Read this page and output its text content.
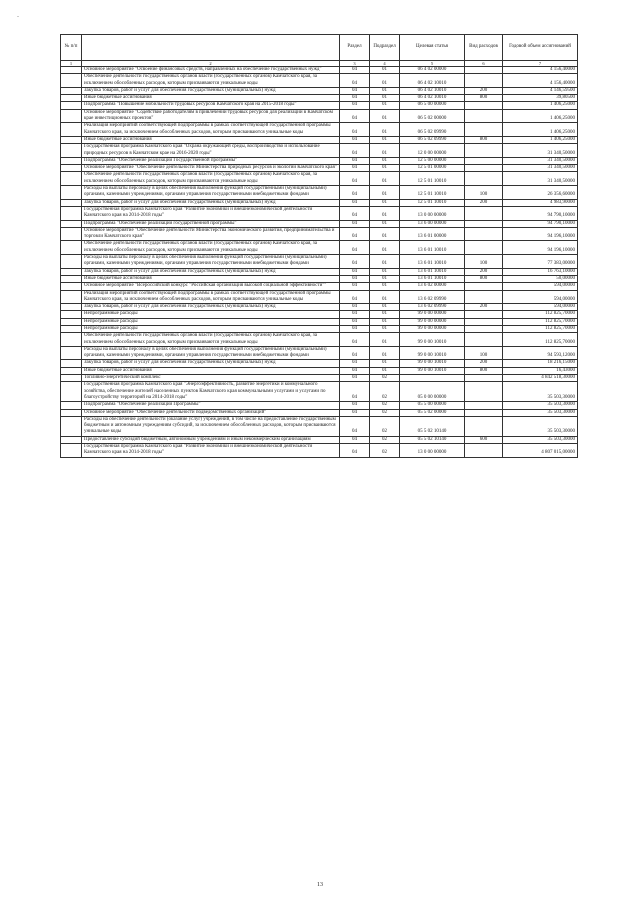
-
№ п/п		Раздел	Подраздел	Целевая статья	Вид расходов	Годовой объем ассигнований
1	2	3	4	5	6	7
	Основное мероприятие "Освоение финансовых средств, направленных на обеспечение государственных нужд"	04	01	06 4 02 00000		4 156,40000
	Обеспечение деятельности государственных органов власти (государственных органов) Камчатского края, за исключением обособленных расходов, которым присваиваются уникальные коды	04	01	06 4 02 10010		4 156,40000
	Закупка товаров, работ и услуг для обеспечения государственных (муниципальных) нужд	04	01	06 4 02 10010	200	4 146,59500
	Иные бюджетные ассигнования	04	01	06 4 02 10010	800	39,80500
	Подпрограмма "Повышение мобильности трудовых ресурсов Камчатского края на 2015-2018 годы"	04	01	06 5 00 00000		1 406,25000
	Основное мероприятие "Содействие работодателям в привлечении трудовых ресурсов для реализации в Камчатском крае инвестиционных проектов"	04	01	06 5 02 00000		1 406,25000
	Реализация мероприятий соответствующей подпрограммы в рамках соответствующей государственной программы Камчатского края, за исключением обособленных расходов, которым присваиваются уникальные коды	04	01	06 5 02 09990		1 406,25000
	Иные бюджетные ассигнования	04	01	06 5 02 09990	800	1 406,25000
	Государственная программа Камчатского края "Охрана окружающей среды, воспроизводство и использование природных ресурсов в Камчатском крае на 2016-2020 годы"	04	01	12 0 00 00000		31 340,50000
	Подпрограмма "Обеспечение реализации Государственной программы"	04	01	12 5 00 00000		31 340,50000
	Основное мероприятие "Обеспечение деятельности Министерства природных ресурсов и экологии Камчатского края"	04	01	12 5 01 00000		31 340,50000
	Обеспечение деятельности государственных органов власти (государственных органов) Камчатского края, за исключением обособленных расходов, которым присваиваются уникальные коды	04	01	12 5 01 10010		31 340,50000
	Расходы на выплаты персоналу в целях обеспечения выполнения функций государственными (муниципальными) органами, казенными учреждениями, органами управления государственными внебюджетными фондами	04	01	12 5 01 10010	100	26 356,60000
	Закупка товаров, работ и услуг для обеспечения государственных (муниципальных) нужд	04	01	12 5 01 10010	200	4 983,90000
	Государственная программа Камчатского края "Развитие экономики и внешнеэкономической деятельности Камчатского края на 2014-2018 годы"	04	01	13 0 00 00000		94 790,10000
	Подпрограмма "Обеспечение реализации государственной программы"	04	01	13 6 00 00000		94 790,10000
	Основное мероприятие "Обеспечение деятельности Министерства экономического развития, предпринимательства и торговли Камчатского края"	04	01	13 6 01 00000		94 196,10000
	Обеспечение деятельности государственных органов власти (государственных органов) Камчатского края, за исключением обособленных расходов, которым присваиваются уникальные коды	04	01	13 6 01 10010		94 196,10000
	Расходы на выплаты персоналу в целях обеспечения выполнения функций государственными (муниципальными) органами, казенными учреждениями, органами управления государственными внебюджетными фондами	04	01	13 6 01 10010	100	77 383,00000
	Закупка товаров, работ и услуг для обеспечения государственных (муниципальных) нужд	04	01	13 6 01 10010	200	16 763,10000
	Иные бюджетные ассигнования	04	01	13 6 01 10010	800	50,00000
	Основное мероприятие "Всероссийский конкурс "Российская организация высокой социальной эффективности""	04	01	13 6 02 00000		594,00000
	Реализация мероприятий соответствующей подпрограммы в рамках соответствующей государственной программы Камчатского края, за исключением обособленных расходов, которым присваиваются уникальные коды	04	01	13 6 02 09990		594,00000
	Закупка товаров, работ и услуг для обеспечения государственных (муниципальных) нужд	04	01	13 6 02 09990	200	594,00000
	Непрограммные расходы	04	01	99 0 00 00000		112 825,70000
	Непрограммные расходы	04	01	99 0 00 00000		112 825,70000
	Непрограммные расходы	04	01	99 0 00 00000		112 825,70000
	Обеспечение деятельности государственных органов власти (государственных органов) Камчатского края, за исключением обособленных расходов, которым присваиваются уникальные коды	04	01	99 0 00 10010		112 825,70000
	Расходы на выплаты персоналу в целях обеспечения выполнения функций государственными (муниципальными) органами, казенными учреждениями, органами управления государственными внебюджетными фондами	04	01	99 0 00 10010	100	94 593,12000
	Закупка товаров, работ и услуг для обеспечения государственных (муниципальных) нужд	04	01	99 0 00 10010	200	18 216,15000
	Иные бюджетные ассигнования	04	01	99 0 00 10010	800	16,43000
	Топливно-энергетический комплекс	04	02			4 842 518,30000
	Государственная программа Камчатского края "Энергоэффективность, развитие энергетики и коммунального хозяйства, обеспечение жителей населенных пунктов Камчатского края коммунальными услугами и услугами по благоустройству территорий на 2014-2018 годы"	04	02	05 0 00 00000		35 503,30000
	Подпрограмма "Обеспечение реализации Программы"	04	02	05 5 00 00000		35 503,30000
	Основное мероприятие "Обеспечение деятельности подведомственных организаций"	04	02	05 5 02 00000		35 503,30000
	Расходы на обеспечение деятельности (оказание услуг) учреждений, в том числе на предоставление государственным бюджетным и автономным учреждениям субсидий, за исключением обособленных расходов, которым присваиваются уникальные коды	04	02	05 5 02 10140		35 503,30000
	Предоставление субсидий бюджетным, автономным учреждениям и иным некоммерческим организациям	04	02	05 5 02 10140	600	35 503,30000
	Государственная программа Камчатского края "Развитие экономики и внешнеэкономической деятельности Камчатского края на 2014-2018 годы"	04	02	13 0 00 00000		4 807 015,00000
13
